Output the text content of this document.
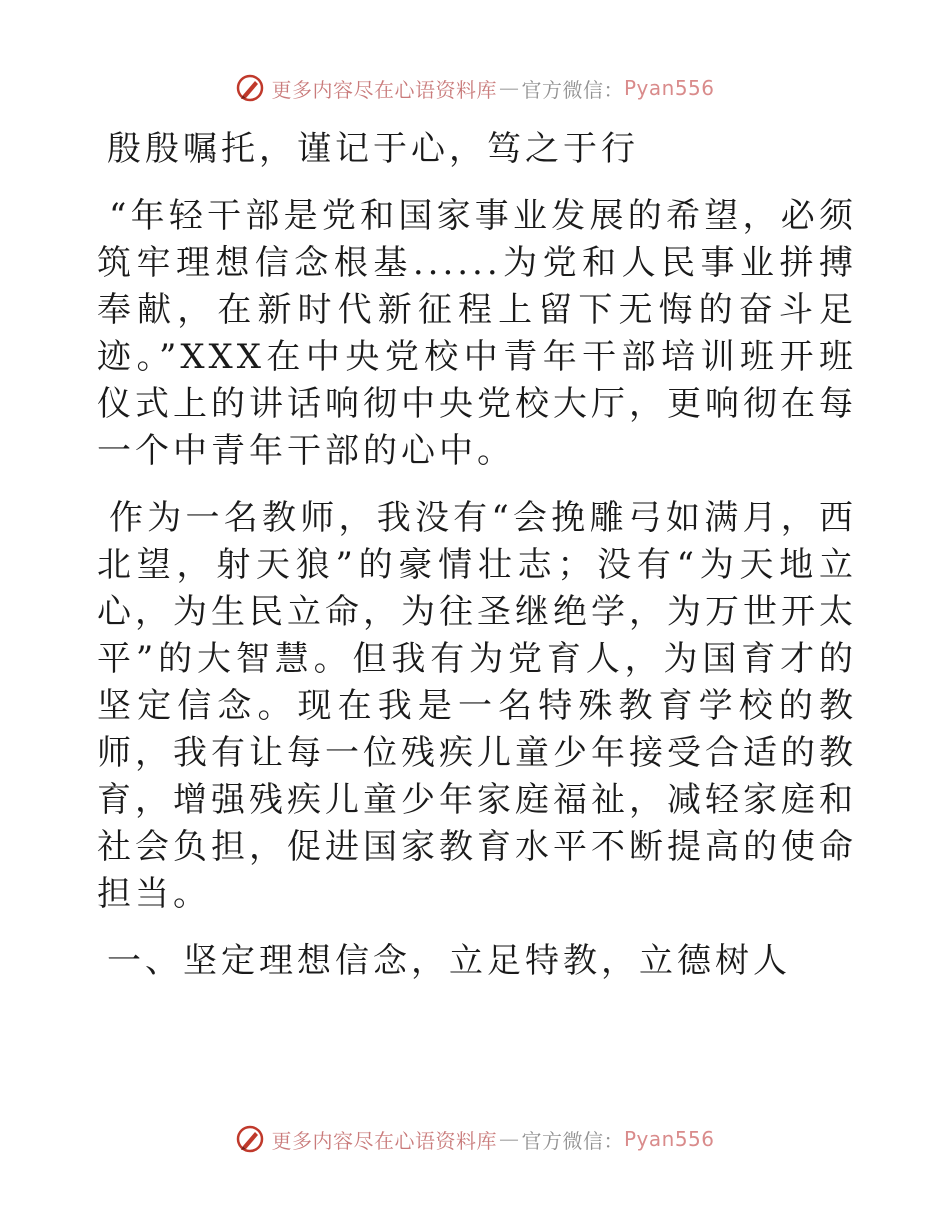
更多内容尽在心语资料库 — 官方微信： Pyan556

殷殷嘱托，谨记于心，笃之于行

“年轻干部是党和国家事业发展的希望，必须筑牢理想信念根基......为党和人民事业拼搏奉献，在新时代新征程上留下无悔的奋斗足迹。”XXX在中央党校中青年干部培训班开班仪式上的讲话响彻中央党校大厅，更响彻在每一个中青年干部的心中。

作为一名教师，我没有“会挽雕弓如满月，西北望，射天狼”的豪情壮志；没有“为天地立心，为生民立命，为往圣继绝学，为万世开太平”的大智慧。但我有为党育人，为国育才的坚定信念。现在我是一名特殊教育学校的教师，我有让每一位残疾儿童少年接受合适的教育，增强残疾儿童少年家庭福祉，减轻家庭和社会负担，促进国家教育水平不断提高的使命担当。

一、坚定理想信念，立足特教，立德树人

更多内容尽在心语资料库 — 官方微信： Pyan556
